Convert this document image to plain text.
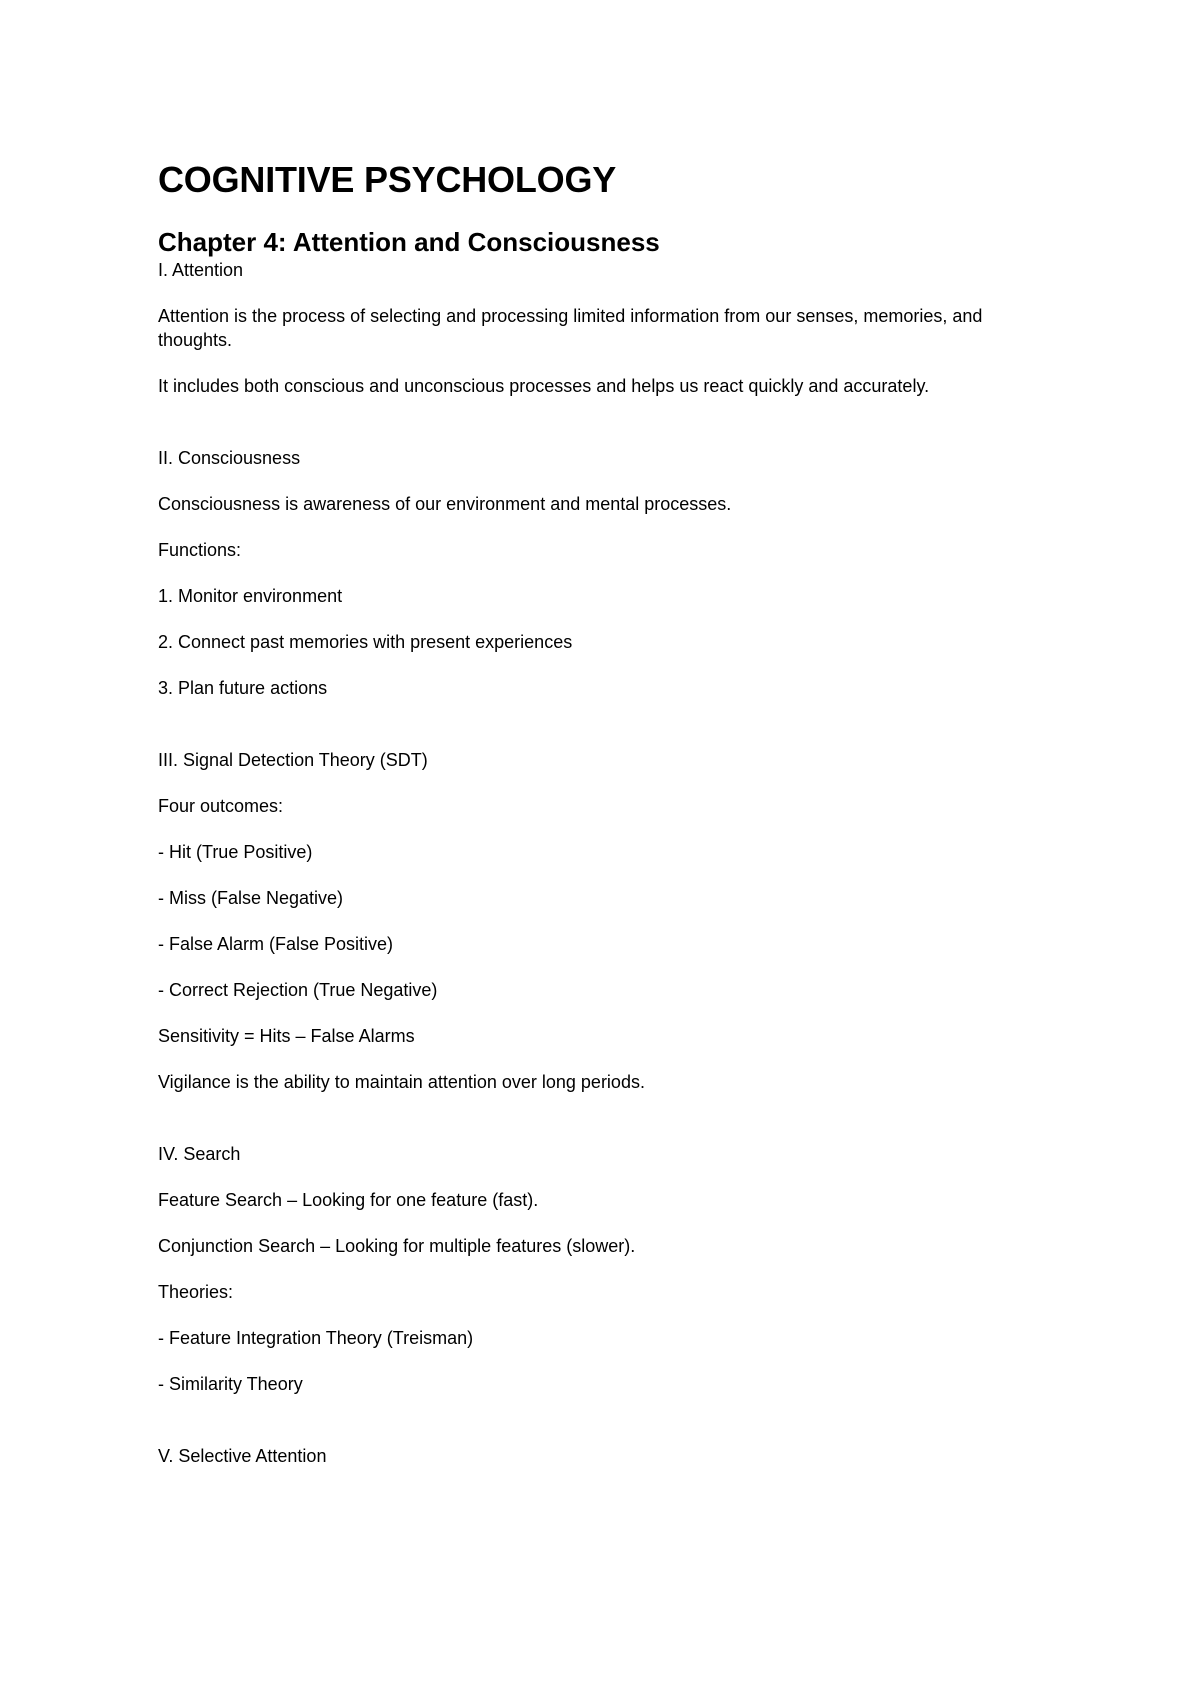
COGNITIVE PSYCHOLOGY
Chapter 4: Attention and Consciousness

I. Attention

Attention is the process of selecting and processing limited information from our senses, memories, and thoughts.

It includes both conscious and unconscious processes and helps us react quickly and accurately.

II. Consciousness

Consciousness is awareness of our environment and mental processes.

Functions:

1. Monitor environment

2. Connect past memories with present experiences

3. Plan future actions

III. Signal Detection Theory (SDT)

Four outcomes:

- Hit (True Positive)

- Miss (False Negative)

- False Alarm (False Positive)

- Correct Rejection (True Negative)

Sensitivity = Hits – False Alarms

Vigilance is the ability to maintain attention over long periods.

IV. Search

Feature Search – Looking for one feature (fast).

Conjunction Search – Looking for multiple features (slower).

Theories:

- Feature Integration Theory (Treisman)

- Similarity Theory

V. Selective Attention
